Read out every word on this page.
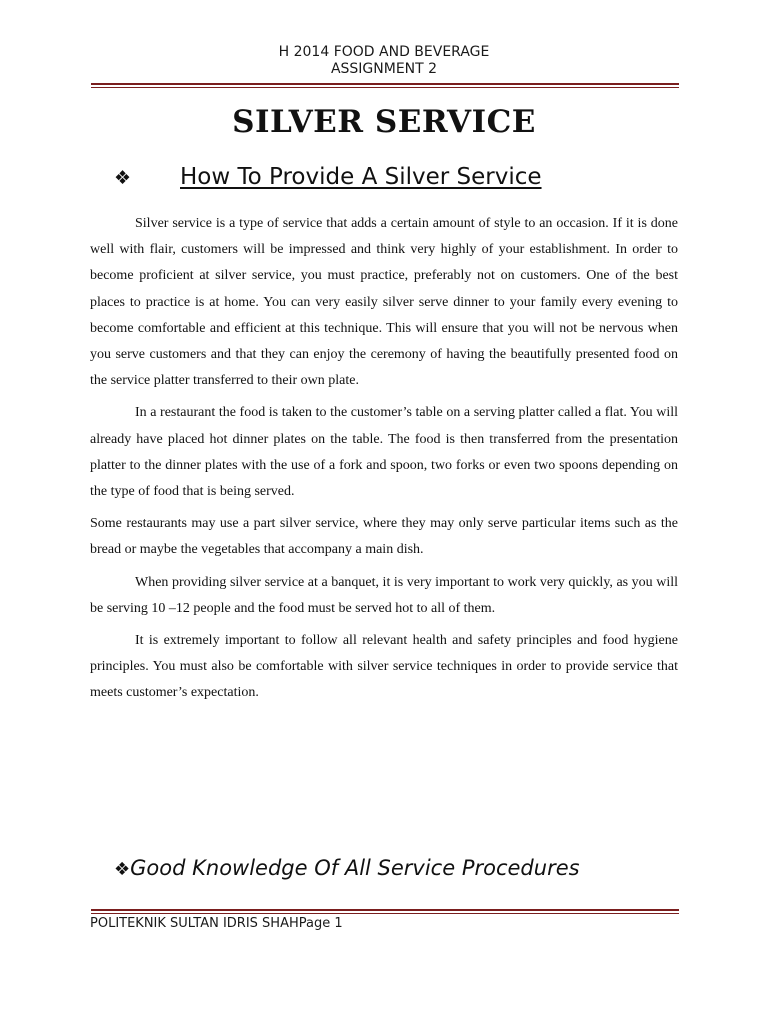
H 2014 FOOD AND BEVERAGE
ASSIGNMENT 2
SILVER SERVICE
❖ How To Provide A Silver Service

Silver service is a type of service that adds a certain amount of style to an occasion. If it is done well with flair, customers will be impressed and think very highly of your establishment. In order to become proficient at silver service, you must practice, preferably not on customers. One of the best places to practice is at home. You can very easily silver serve dinner to your family every evening to become comfortable and efficient at this technique. This will ensure that you will not be nervous when you serve customers and that they can enjoy the ceremony of having the beautifully presented food on the service platter transferred to their own plate.

In a restaurant the food is taken to the customer’s table on a serving platter called a flat. You will already have placed hot dinner plates on the table. The food is then transferred from the presentation platter to the dinner plates with the use of a fork and spoon, two forks or even two spoons depending on the type of food that is being served.

Some restaurants may use a part silver service, where they may only serve particular items such as the bread or maybe the vegetables that accompany a main dish.

When providing silver service at a banquet, it is very important to work very quickly, as you will be serving 10 –12 people and the food must be served hot to all of them.

It is extremely important to follow all relevant health and safety principles and food hygiene principles. You must also be comfortable with silver service techniques in order to provide service that meets customer’s expectation.

❖Good Knowledge Of All Service Procedures
POLITEKNIK SULTAN IDRIS SHAHPage 1
